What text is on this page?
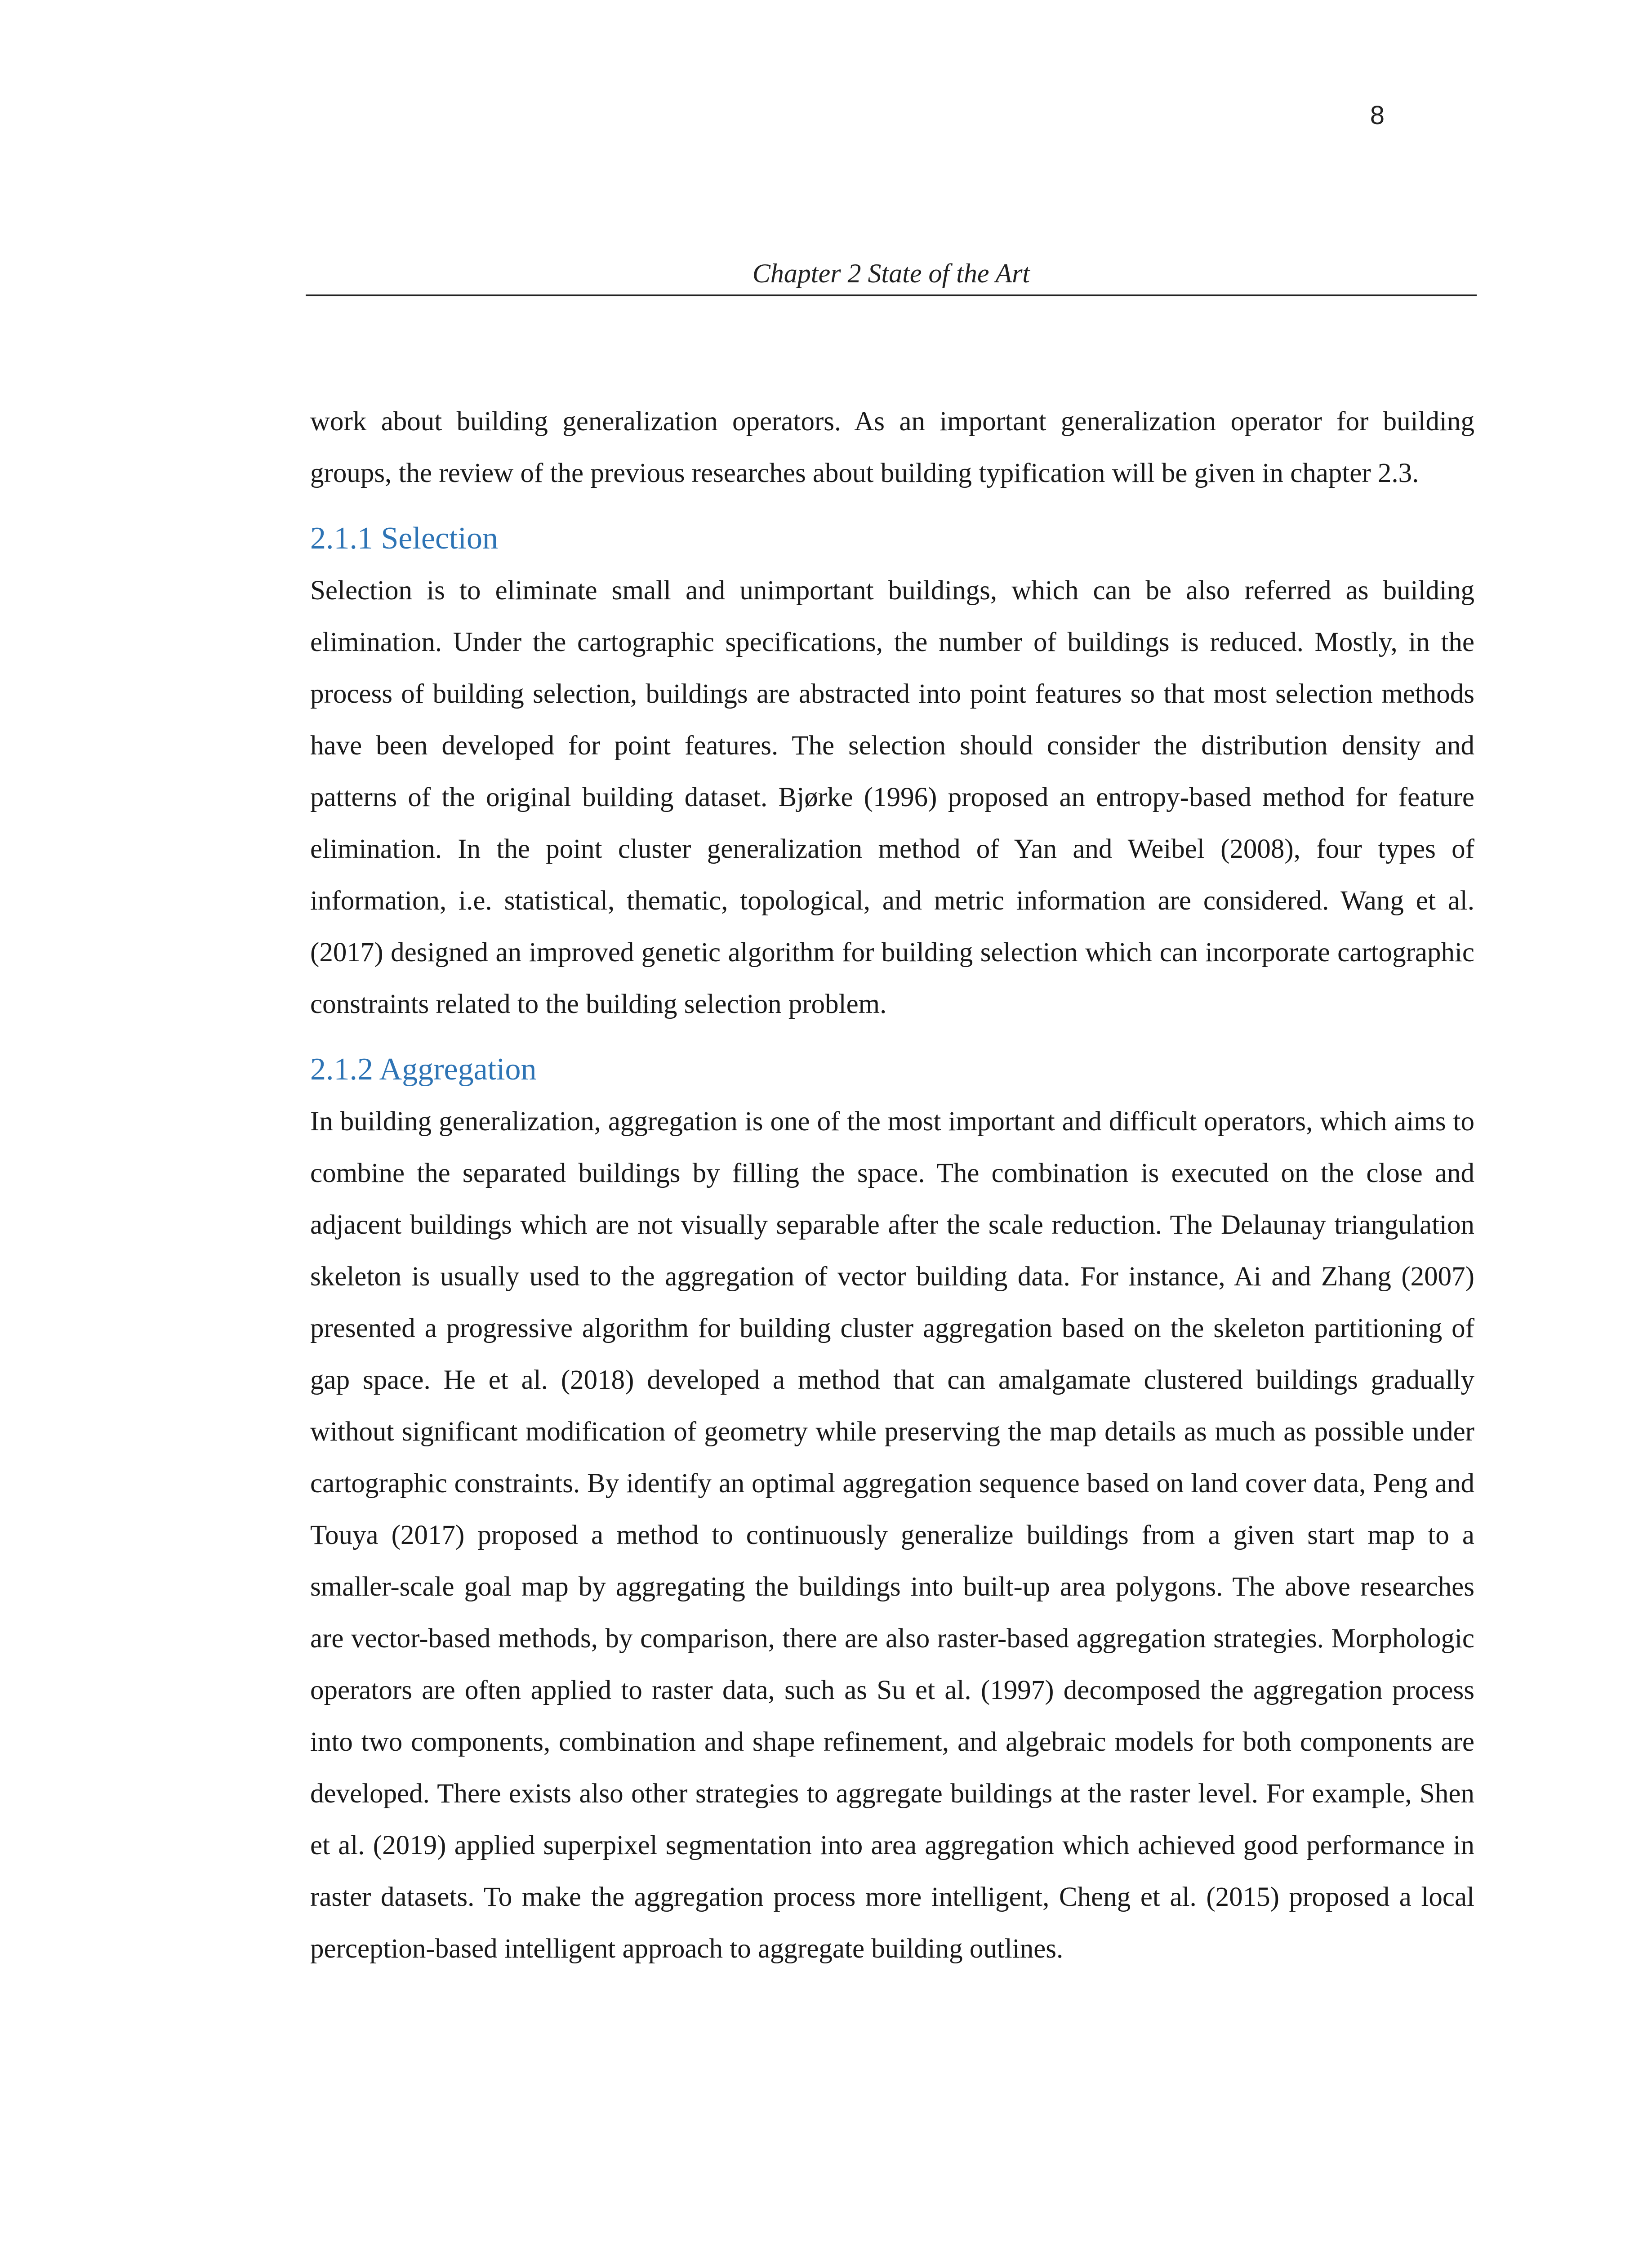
8
Chapter 2 State of the Art

work about building generalization operators. As an important generalization operator for building groups, the review of the previous researches about building typification will be given in chapter 2.3.

2.1.1 Selection

Selection is to eliminate small and unimportant buildings, which can be also referred as building elimination. Under the cartographic specifications, the number of buildings is reduced. Mostly, in the process of building selection, buildings are abstracted into point features so that most selection methods have been developed for point features. The selection should consider the distribution density and patterns of the original building dataset. Bjørke (1996) proposed an entropy-based method for feature elimination. In the point cluster generalization method of Yan and Weibel (2008), four types of information, i.e. statistical, thematic, topological, and metric information are considered. Wang et al. (2017) designed an improved genetic algorithm for building selection which can incorporate cartographic constraints related to the building selection problem.

2.1.2 Aggregation

In building generalization, aggregation is one of the most important and difficult operators, which aims to combine the separated buildings by filling the space. The combination is executed on the close and adjacent buildings which are not visually separable after the scale reduction. The Delaunay triangulation skeleton is usually used to the aggregation of vector building data. For instance, Ai and Zhang (2007) presented a progressive algorithm for building cluster aggregation based on the skeleton partitioning of gap space. He et al. (2018) developed a method that can amalgamate clustered buildings gradually without significant modification of geometry while preserving the map details as much as possible under cartographic constraints. By identify an optimal aggregation sequence based on land cover data, Peng and Touya (2017) proposed a method to continuously generalize buildings from a given start map to a smaller-scale goal map by aggregating the buildings into built-up area polygons. The above researches are vector-based methods, by comparison, there are also raster-based aggregation strategies. Morphologic operators are often applied to raster data, such as Su et al. (1997) decomposed the aggregation process into two components, combination and shape refinement, and algebraic models for both components are developed. There exists also other strategies to aggregate buildings at the raster level. For example, Shen et al. (2019) applied superpixel segmentation into area aggregation which achieved good performance in raster datasets. To make the aggregation process more intelligent, Cheng et al. (2015) proposed a local perception-based intelligent approach to aggregate building outlines.
